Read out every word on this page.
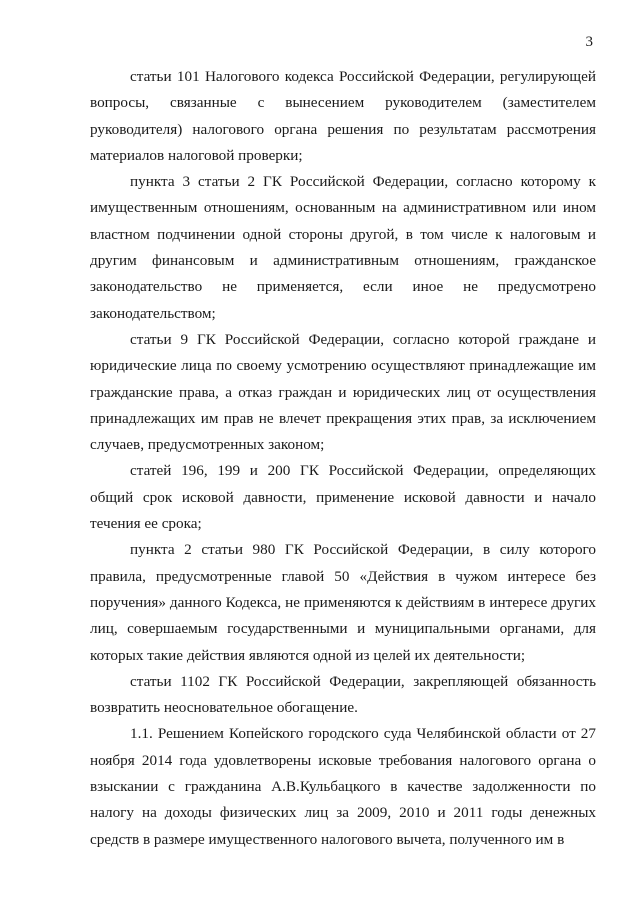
3

статьи 101 Налогового кодекса Российской Федерации, регулирующей вопросы, связанные с вынесением руководителем (заместителем руководителя) налогового органа решения по результатам рассмотрения материалов налоговой проверки;

пункта 3 статьи 2 ГК Российской Федерации, согласно которому к имущественным отношениям, основанным на административном или ином властном подчинении одной стороны другой, в том числе к налоговым и другим финансовым и административным отношениям, гражданское законодательство не применяется, если иное не предусмотрено законодательством;

статьи 9 ГК Российской Федерации, согласно которой граждане и юридические лица по своему усмотрению осуществляют принадлежащие им гражданские права, а отказ граждан и юридических лиц от осуществления принадлежащих им прав не влечет прекращения этих прав, за исключением случаев, предусмотренных законом;

статей 196, 199 и 200 ГК Российской Федерации, определяющих общий срок исковой давности, применение исковой давности и начало течения ее срока;

пункта 2 статьи 980 ГК Российской Федерации, в силу которого правила, предусмотренные главой 50 «Действия в чужом интересе без поручения» данного Кодекса, не применяются к действиям в интересе других лиц, совершаемым государственными и муниципальными органами, для которых такие действия являются одной из целей их деятельности;

статьи 1102 ГК Российской Федерации, закрепляющей обязанность возвратить неосновательное обогащение.

1.1. Решением Копейского городского суда Челябинской области от 27 ноября 2014 года удовлетворены исковые требования налогового органа о взыскании с гражданина А.В.Кульбацкого в качестве задолженности по налогу на доходы физических лиц за 2009, 2010 и 2011 годы денежных средств в размере имущественного налогового вычета, полученного им в
